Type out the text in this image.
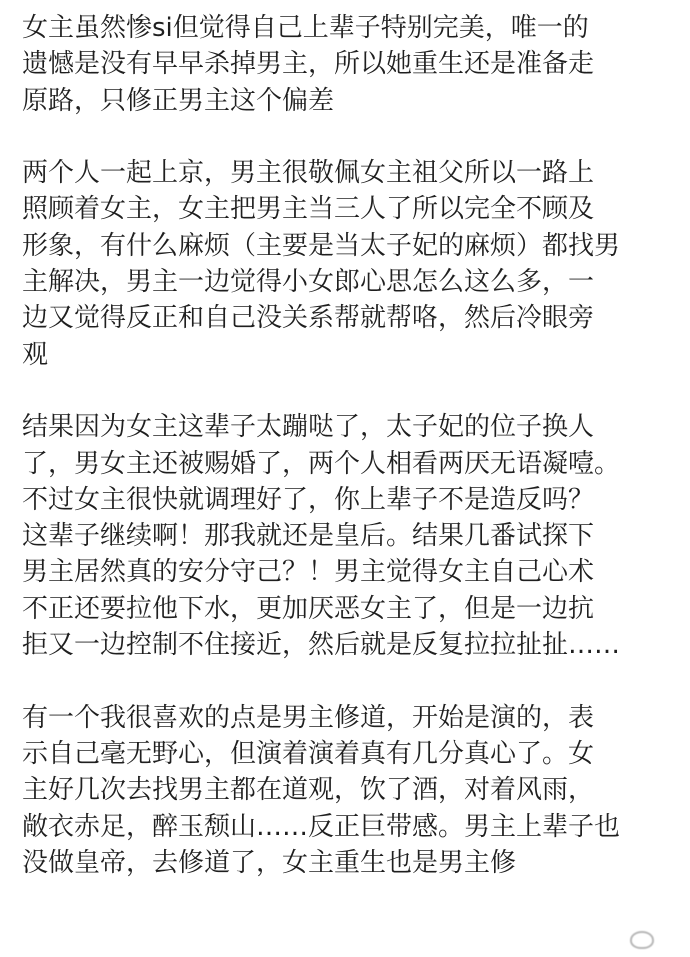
女主虽然惨si但觉得自己上辈子特别完美，唯一的
遗憾是没有早早杀掉男主，所以她重生还是准备走
原路，只修正男主这个偏差
两个人一起上京，男主很敬佩女主祖父所以一路上
照顾着女主，女主把男主当三人了所以完全不顾及
形象，有什么麻烦（主要是当太子妃的麻烦）都找男
主解决，男主一边觉得小女郎心思怎么这么多，一
边又觉得反正和自己没关系帮就帮咯，然后冷眼旁
观
结果因为女主这辈子太蹦哒了，太子妃的位子换人
了，男女主还被赐婚了，两个人相看两厌无语凝噎。
不过女主很快就调理好了，你上辈子不是造反吗？
这辈子继续啊！那我就还是皇后。结果几番试探下
男主居然真的安分守己？！男主觉得女主自己心术
不正还要拉他下水，更加厌恶女主了，但是一边抗
拒又一边控制不住接近，然后就是反复拉拉扯扯……
有一个我很喜欢的点是男主修道，开始是演的，表
示自己毫无野心，但演着演着真有几分真心了。女
主好几次去找男主都在道观，饮了酒，对着风雨，
敞衣赤足，醉玉颓山……反正巨带感。男主上辈子也
没做皇帝，去修道了，女主重生也是男主修
